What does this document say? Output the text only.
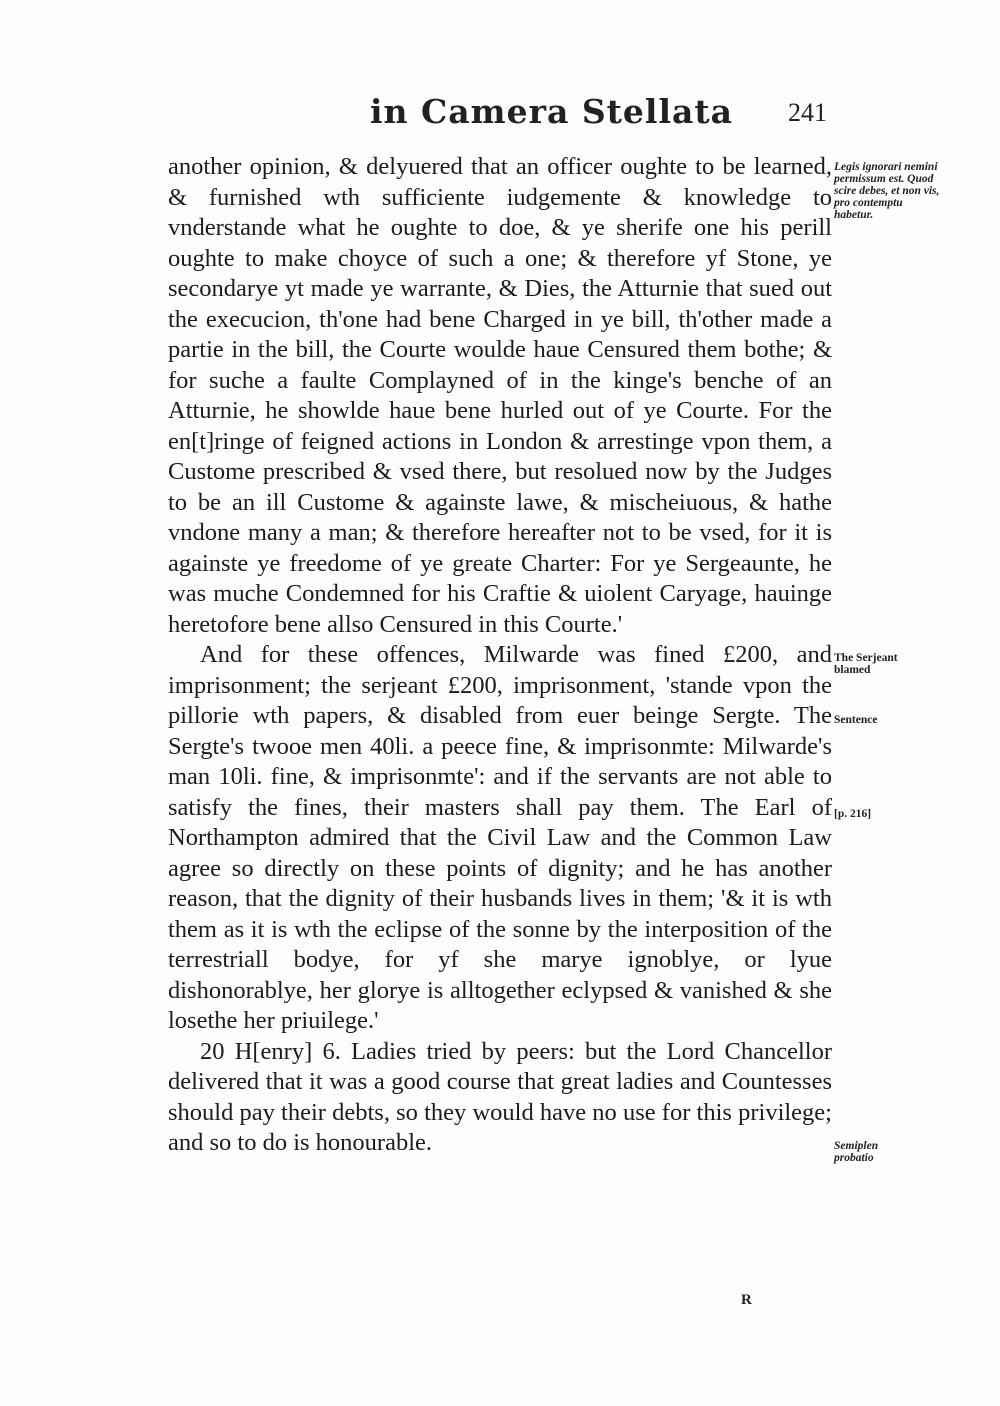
in Camera Stellata 241

another opinion, & delyuered that an officer oughte to be learned, & furnished wth sufficiente iudgemente & knowledge to vnderstande what he oughte to doe, & ye sherife one his perill oughte to make choyce of such a one; & therefore yf Stone, ye secondarye yt made ye warrante, & Dies, the Atturnie that sued out the execucion, th'one had bene Charged in ye bill, th'other made a partie in the bill, the Courte woulde haue Censured them bothe; & for suche a faulte Complayned of in the kinge's benche of an Atturnie, he showlde haue bene hurled out of ye Courte. For the en[t]ringe of feigned actions in London & arrestinge vpon them, a Custome prescribed & vsed there, but resolued now by the Judges to be an ill Custome & againste lawe, & mischeiuous, & hathe vndone many a man; & therefore hereafter not to be vsed, for it is againste ye freedome of ye greate Charter: For ye Sergeaunte, he was muche Condemned for his Craftie & uiolent Caryage, hauinge heretofore bene allso Censured in this Courte.'

And for these offences, Milwarde was fined £200, and imprisonment; the serjeant £200, imprisonment, 'stande vpon the pillorie wth papers, & disabled from euer beinge Sergte. The Sergte's twooe men 40li. a peece fine, & imprisonmte: Milwarde's man 10li. fine, & imprisonmte': and if the servants are not able to satisfy the fines, their masters shall pay them. The Earl of Northampton admired that the Civil Law and the Common Law agree so directly on these points of dignity; and he has another reason, that the dignity of their husbands lives in them; '& it is wth them as it is wth the eclipse of the sonne by the interposition of the terrestriall bodye, for yf she marye ignoblye, or lyue dishonorablye, her glorye is alltogether eclypsed & vanished & she losethe her priuilege.'

20 H[enry] 6. Ladies tried by peers: but the Lord Chancellor delivered that it was a good course that great ladies and Countesses should pay their debts, so they would have no use for this privilege; and so to do is honourable.

Legis ignorari nemini permissum est. Quod scire debes, et non vis, pro contemptu habetur.
The Serjeant blamed
Sentence
[p. 216]
Semiplen probatio
R
